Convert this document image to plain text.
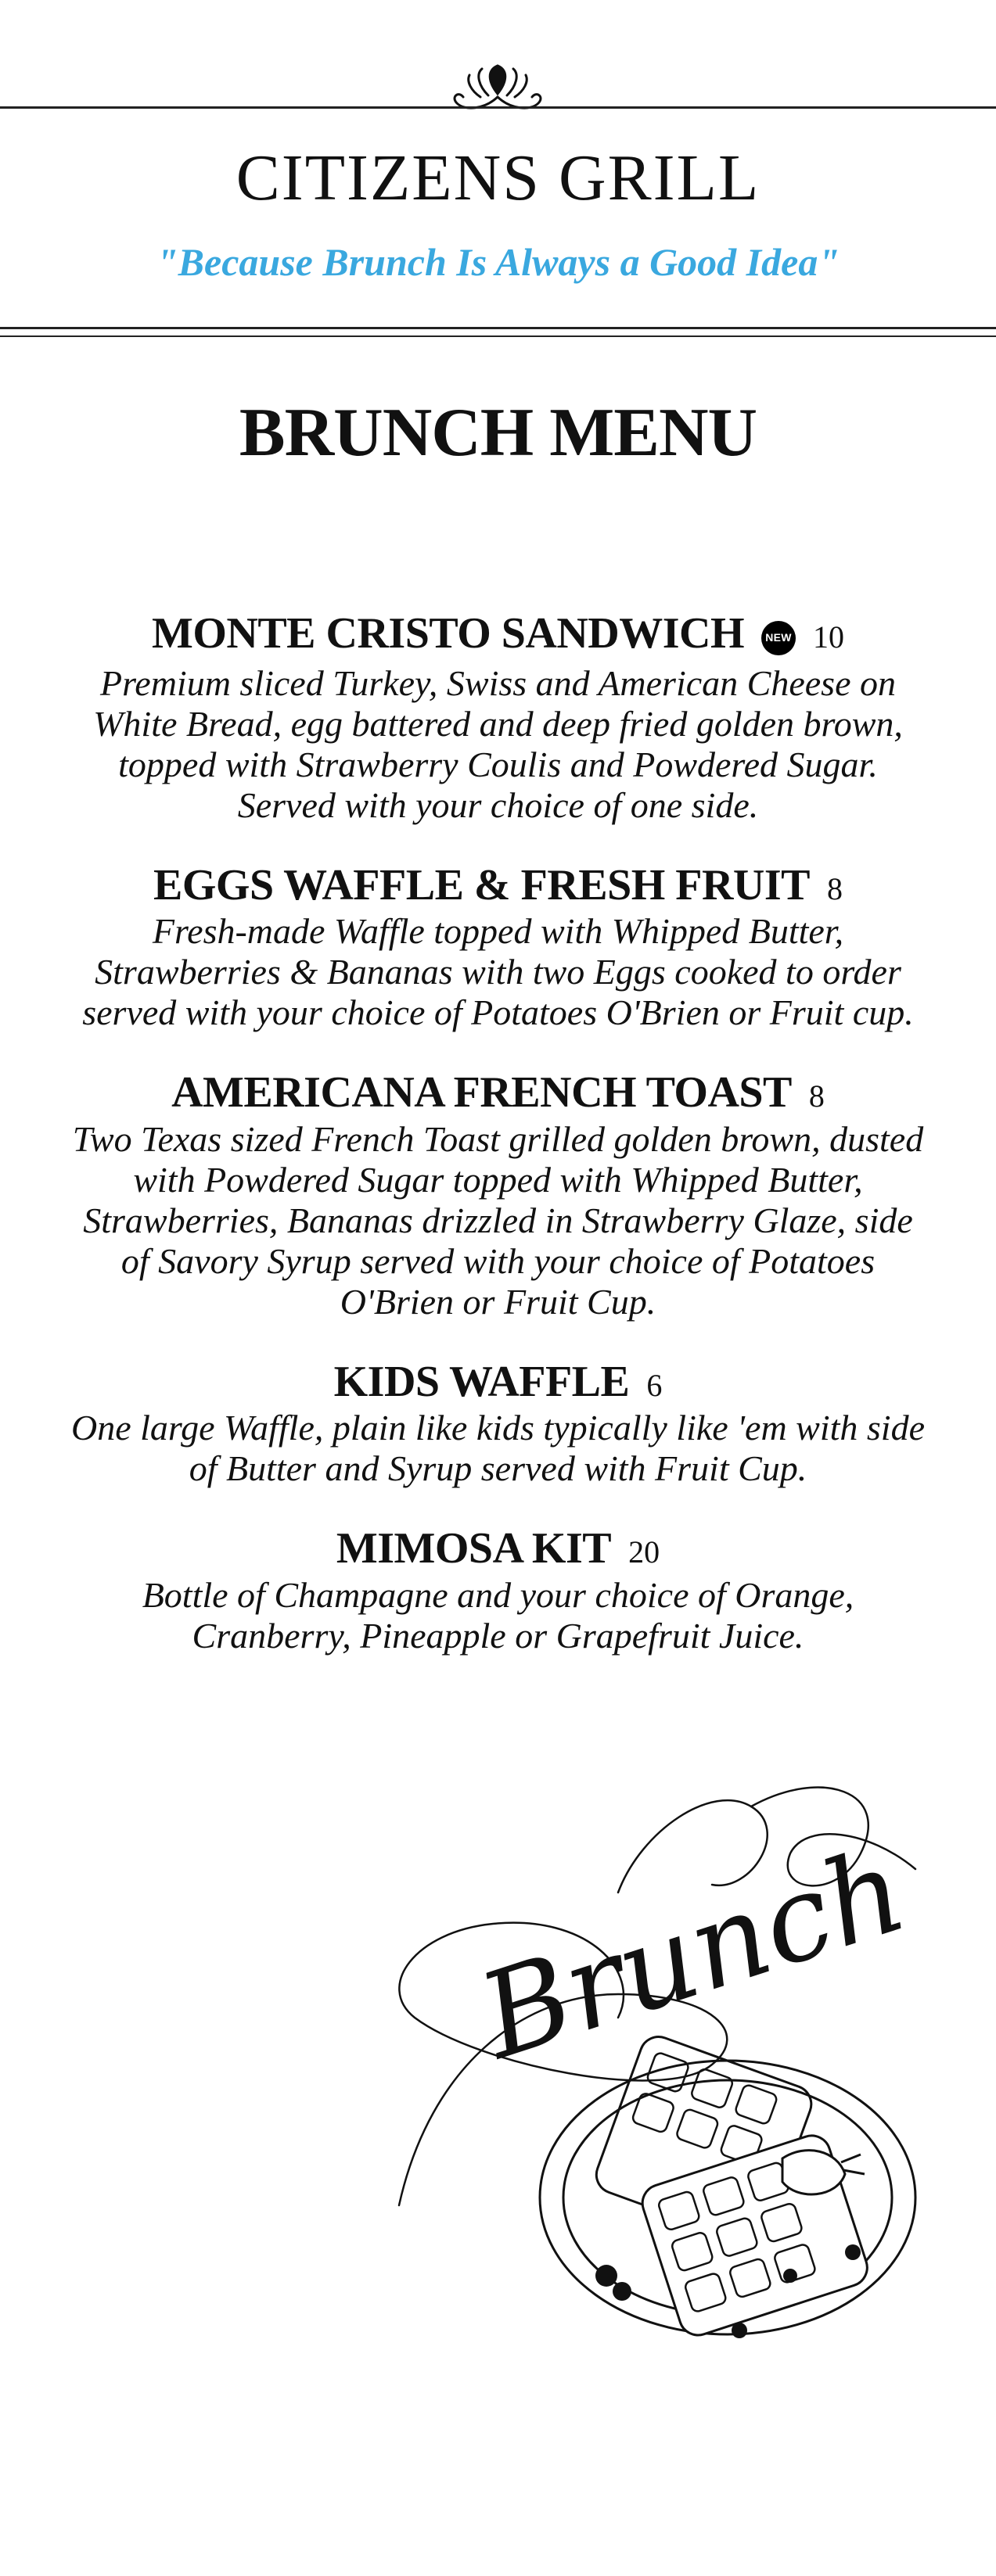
CITIZENS GRILL
"Because Brunch Is Always a Good Idea"
BRUNCH MENU
MONTE CRISTO SANDWICH	NEW 10

Premium sliced Turkey, Swiss and American Cheese on White Bread, egg battered and deep fried golden brown, topped with Strawberry Coulis and Powdered Sugar. Served with your choice of one side.

EGGS WAFFLE & FRESH FRUIT 8

Fresh-made Waffle topped with Whipped Butter, Strawberries & Bananas with two Eggs cooked to order served with your choice of Potatoes O'Brien or Fruit cup.

AMERICANA FRENCH TOAST 8

Two Texas sized French Toast grilled golden brown, dusted with Powdered Sugar topped with Whipped Butter, Strawberries, Bananas drizzled in Strawberry Glaze, side of Savory Syrup served with your choice of Potatoes O'Brien or Fruit Cup.

KIDS WAFFLE 6

One large Waffle, plain like kids typically like 'em with side of Butter and Syrup served with Fruit Cup.

MIMOSA KIT 20

Bottle of Champagne and your choice of Orange, Cranberry, Pineapple or Grapefruit Juice.

Brunch
